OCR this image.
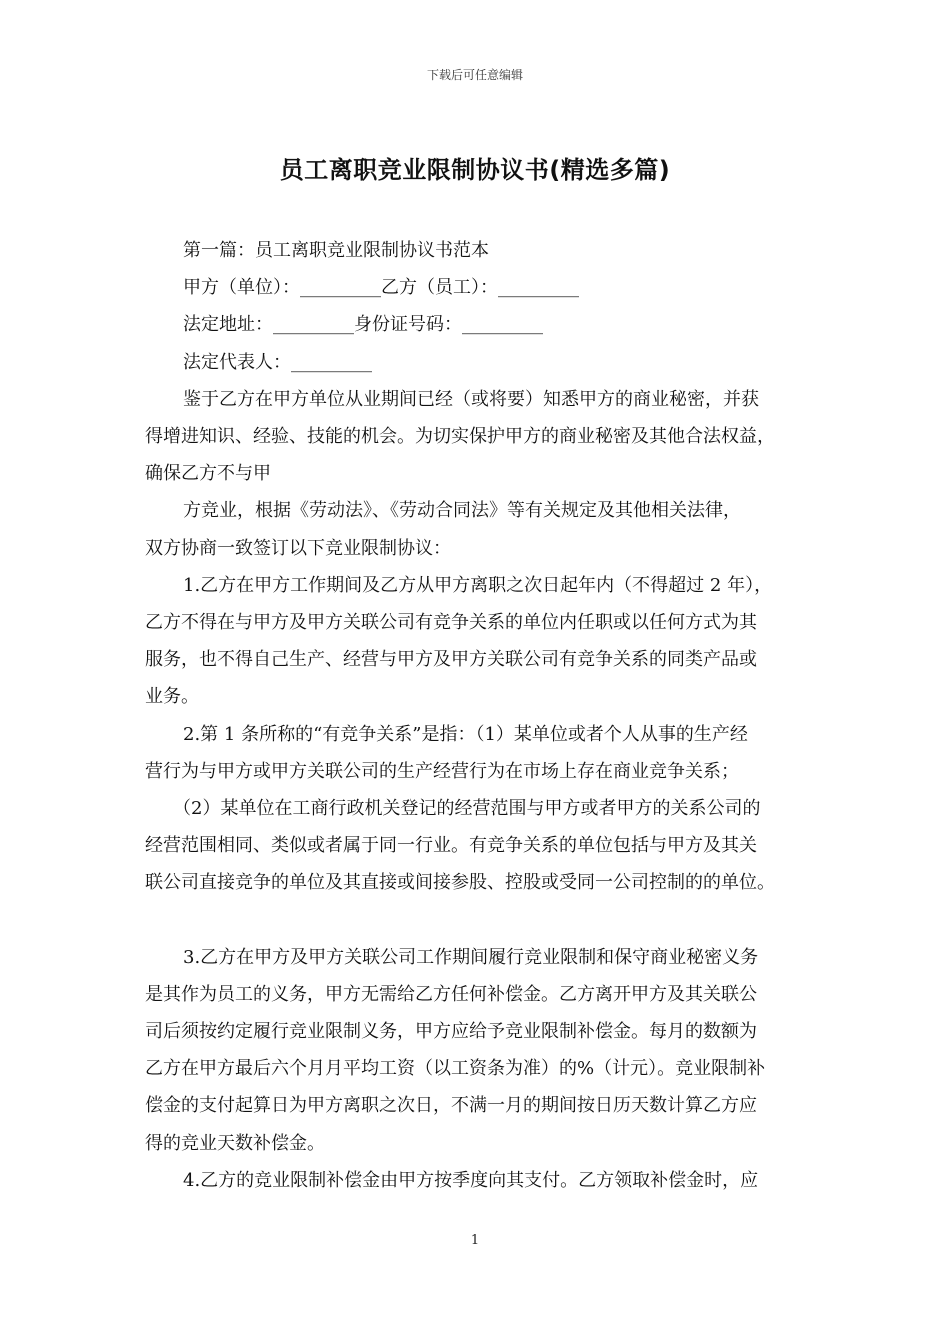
下载后可任意编辑
员工离职竞业限制协议书(精选多篇)

第一篇：员工离职竞业限制协议书范本

甲方（单位）：_________乙方（员工）：_________

法定地址：_________身份证号码：_________

法定代表人：_________

鉴于乙方在甲方单位从业期间已经（或将要）知悉甲方的商业秘密，并获

得增进知识、经验、技能的机会。为切实保护甲方的商业秘密及其他合法权益，

确保乙方不与甲

方竞业，根据《劳动法》、《劳动合同法》等有关规定及其他相关法律，

双方协商一致签订以下竞业限制协议：

1.乙方在甲方工作期间及乙方从甲方离职之次日起年内（不得超过 2 年），

乙方不得在与甲方及甲方关联公司有竞争关系的单位内任职或以任何方式为其

服务，也不得自己生产、经营与甲方及甲方关联公司有竞争关系的同类产品或

业务。

2.第 1 条所称的“有竞争关系”是指：（1）某单位或者个人从事的生产经

营行为与甲方或甲方关联公司的生产经营行为在市场上存在商业竞争关系；

（2）某单位在工商行政机关登记的经营范围与甲方或者甲方的关系公司的

经营范围相同、类似或者属于同一行业。有竞争关系的单位包括与甲方及其关

联公司直接竞争的单位及其直接或间接参股、控股或受同一公司控制的的单位。

3.乙方在甲方及甲方关联公司工作期间履行竞业限制和保守商业秘密义务

是其作为员工的义务，甲方无需给乙方任何补偿金。乙方离开甲方及其关联公

司后须按约定履行竞业限制义务，甲方应给予竞业限制补偿金。每月的数额为

乙方在甲方最后六个月月平均工资（以工资条为准）的%（计元）。竞业限制补

偿金的支付起算日为甲方离职之次日，不满一月的期间按日历天数计算乙方应

得的竞业天数补偿金。

4.乙方的竞业限制补偿金由甲方按季度向其支付。乙方领取补偿金时，应

1
